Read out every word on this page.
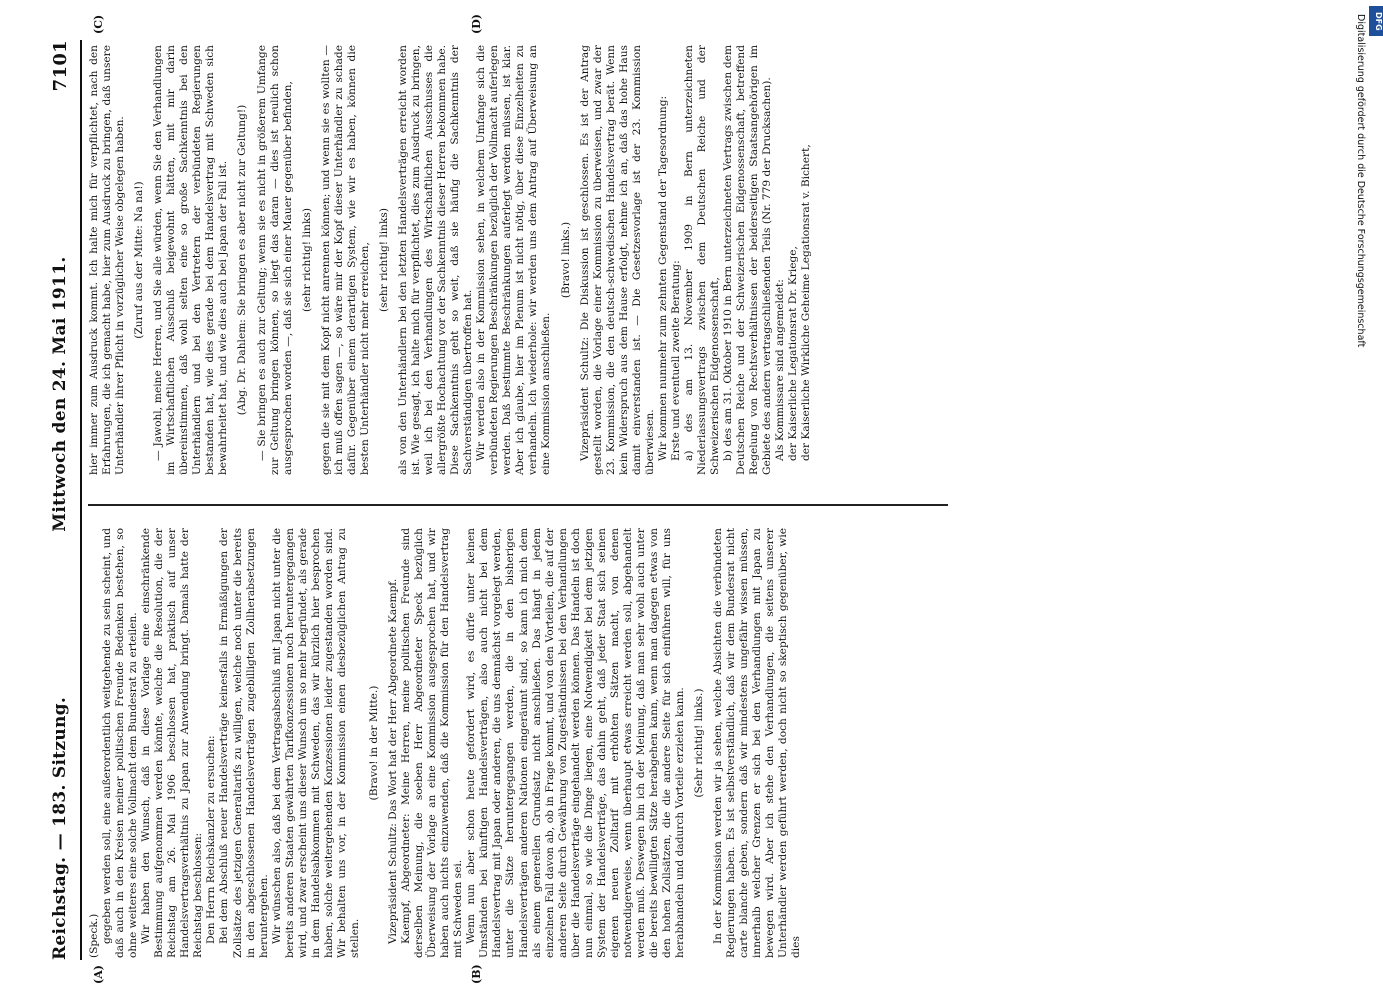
Reichstag. — 183. Sitzung.
Mittwoch den 24. Mai 1911.
7101
(A)	(B)
(C)	(D)

(Speck.) gegeben werden soll, eine außerordentlich weitgehende zu sein scheint, und daß auch in den Kreisen meiner politischen Freunde Bedenken bestehen, so ohne weiteres eine solche Vollmacht dem Bundesrat zu erteilen. Wir haben den Wunsch, daß in diese Vorlage eine einschränkende Bestimmung aufgenommen werden könnte, welche die Resolution, die der Reichstag am 26. Mai 1906 beschlossen hat, praktisch auf unser Handelsvertragsverhältnis zu Japan zur Anwendung bringt. Damals hatte der Reichstag beschlossen: Den Herrn Reichskanzler zu ersuchen: Bei dem Abschluß neuer Handelsverträge keinesfalls in Ermäßigungen der Zollsätze des jetzigen Generaltarifs zu willigen, welche noch unter die bereits in den abgeschlossenen Handelsverträgen zugebilligten Zollherabsetzungen heruntergehen. Wir wünschen also, daß bei dem Vertragsabschluß mit Japan nicht unter die bereits anderen Staaten gewährten Tarifkonzessionen noch heruntergegangen wird, und zwar erscheint uns dieser Wunsch um so mehr begründet, als gerade in dem Handelsabkommen mit Schweden, das wir kürzlich hier besprochen haben, solche weitergehenden Konzessionen leider zugestanden worden sind. Wir behalten uns vor, in der Kommission einen diesbezüglichen Antrag zu stellen.

(Bravo! in der Mitte.) Vizepräsident Schultz: Das Wort hat der Herr Abgeordnete Kaempf. Kaempf, Abgeordneter: Meine Herren, meine politischen Freunde sind derselben Meinung, die soeben Herr Abgeordneter Speck bezüglich Überweisung der Vorlage an eine Kommission ausgesprochen hat, und wir haben auch nichts einzuwenden, daß die Kommission für den Handelsvertrag mit Schweden sei. Wenn nun aber schon heute gefordert wird, es dürfe unter keinen Umständen bei künftigen Handelsverträgen, also auch nicht bei dem Handelsvertrag mit Japan oder anderen, die uns demnächst vorgelegt werden, unter die Sätze heruntergegangen werden, die in den bisherigen Handelsverträgen anderen Nationen eingeräumt sind, so kann ich mich dem als einem generellen Grundsatz nicht anschließen. Das hängt in jedem einzelnen Fall davon ab, ob in Frage kommt, und von den Vorteilen, die auf der anderen Seite durch Gewährung von Zugeständnissen bei den Verhandlungen über die Handelsverträge eingehandelt werden können. Das Handeln ist doch nun einmal, so wie die Dinge liegen, eine Notwendigkeit bei dem jetzigen System der Handelsverträge, das dahin geht, daß jeder Staat sich seinen eigenen neuen Zolltarif mit erhöhten Sätzen macht, von denen notwendigerweise, wenn überhaupt etwas erreicht werden soll, abgehandelt werden muß. Deswegen bin ich der Meinung, daß man sehr wohl auch unter die bereits bewilligten Sätze herabgehen kann, wenn man dagegen etwas von den hohen Zollsätzen, die die andere Seite für sich einführen will, für uns herabhandeln und dadurch Vorteile erzielen kann. (Sehr richtig! links.) In der Kommission werden wir ja sehen, welche Absichten die verbündeten Regierungen haben. Es ist selbstverständlich, daß wir dem Bundesrat nicht carte blanche geben, sondern daß wir mindestens ungefähr wissen müssen, innerhalb welcher Grenzen er sich bei den Verhandlungen mit Japan zu bewegen wird. Aber ich stehe den Verhandlungen, die seitens unserer Unterhändler werden geführt werden, doch nicht so skeptisch gegenüber, wie dies

hier immer zum Ausdruck kommt. Ich halte mich für verpflichtet, nach den Erfahrungen, die ich gemacht habe, hier zum Ausdruck zu bringen, daß unsere Unterhändler ihrer Pflicht in vorzüglicher Weise obgelegen haben. (Zuruf aus der Mitte: Na na!) — Jawohl, meine Herren, und Sie alle würden, wenn Sie den Verhandlungen im Wirtschaftlichen Ausschuß beigewohnt hätten, mit mir darin übereinstimmen, daß wohl selten eine so große Sachkenntnis bei den Unterhändlern und bei den Vertretern der verbündeten Regierungen bestanden hat, wie dies gerade bei dem Handelsvertrag mit Schweden sich bewahrheitet hat, und wie dies auch bei Japan der Fall ist. (Abg. Dr. Dahlem: Sie bringen es aber nicht zur Geltung!) — Sie bringen es auch zur Geltung; wenn sie es nicht in größerem Umfange zur Geltung bringen können, so liegt das daran — dies ist neulich schon ausgesprochen worden —, daß sie sich einer Mauer gegenüber befinden, (sehr richtig! links) gegen die sie mit dem Kopf nicht anrennen können; und wenn sie es wollten — ich muß offen sagen —, so wäre mir der Kopf dieser Unterhändler zu schade dafür. Gegenüber einem derartigen System, wie wir es haben, können die besten Unterhändler nicht mehr erreichen, (sehr richtig! links) als von den Unterhändlern bei den letzten Handelsverträgen erreicht worden ist. Wie gesagt, ich halte mich für verpflichtet, dies zum Ausdruck zu bringen, weil ich bei den Verhandlungen des Wirtschaftlichen Ausschusses die allergrößte Hochachtung vor der Sachkenntnis dieser Herren bekommen habe. Diese Sachkenntnis geht so weit, daß sie häufig die Sachkenntnis der Sachverständigen übertroffen hat. Wir werden also in der Kommission sehen, in welchem Umfange sich die verbündeten Regierungen Beschränkungen bezüglich der Vollmacht auferlegen werden. Daß bestimmte Beschränkungen auferlegt werden müssen, ist klar. Aber ich glaube, hier im Plenum ist nicht nötig, über diese Einzelheiten zu verhandeln. Ich wiederhole: wir werden uns dem Antrag auf Überweisung an eine Kommission anschließen.

(Bravo! links.) Vizepräsident Schultz: Die Diskussion ist geschlossen. Es ist der Antrag gestellt worden, die Vorlage einer Kommission zu überweisen, und zwar der 23. Kommission, die den deutsch-schwedischen Handelsvertrag berät. Wenn kein Widerspruch aus dem Hause erfolgt, nehme ich an, daß das hohe Haus damit einverstanden ist. — Die Gesetzesvorlage ist der 23. Kommission überwiesen. Wir kommen nunmehr zum zehnten Gegenstand der Tagesordnung: Erste und eventuell zweite Beratung: a) des am 13. November 1909 in Bern unterzeichneten Niederlassungsvertrags zwischen dem Deutschen Reiche und der Schweizerischen Eidgenossenschaft, b) des am 31. Oktober 1910 in Bern unterzeichneten Vertrags zwischen dem Deutschen Reiche und der Schweizerischen Eidgenossenschaft, betreffend Regelung von Rechtsverhältnissen der beiderseitigen Staatsangehörigen im Gebiete des andern vertragschließenden Teils (Nr. 779 der Drucksachen). Als Kommissare sind angemeldet: der Kaiserliche Legationsrat Dr. Kriege, der Kaiserliche Wirkliche Geheime Legationsrat v. Bichert,	Digitalisierung gefördert durch die Deutsche Forschungsgemeinschaft	DFG
